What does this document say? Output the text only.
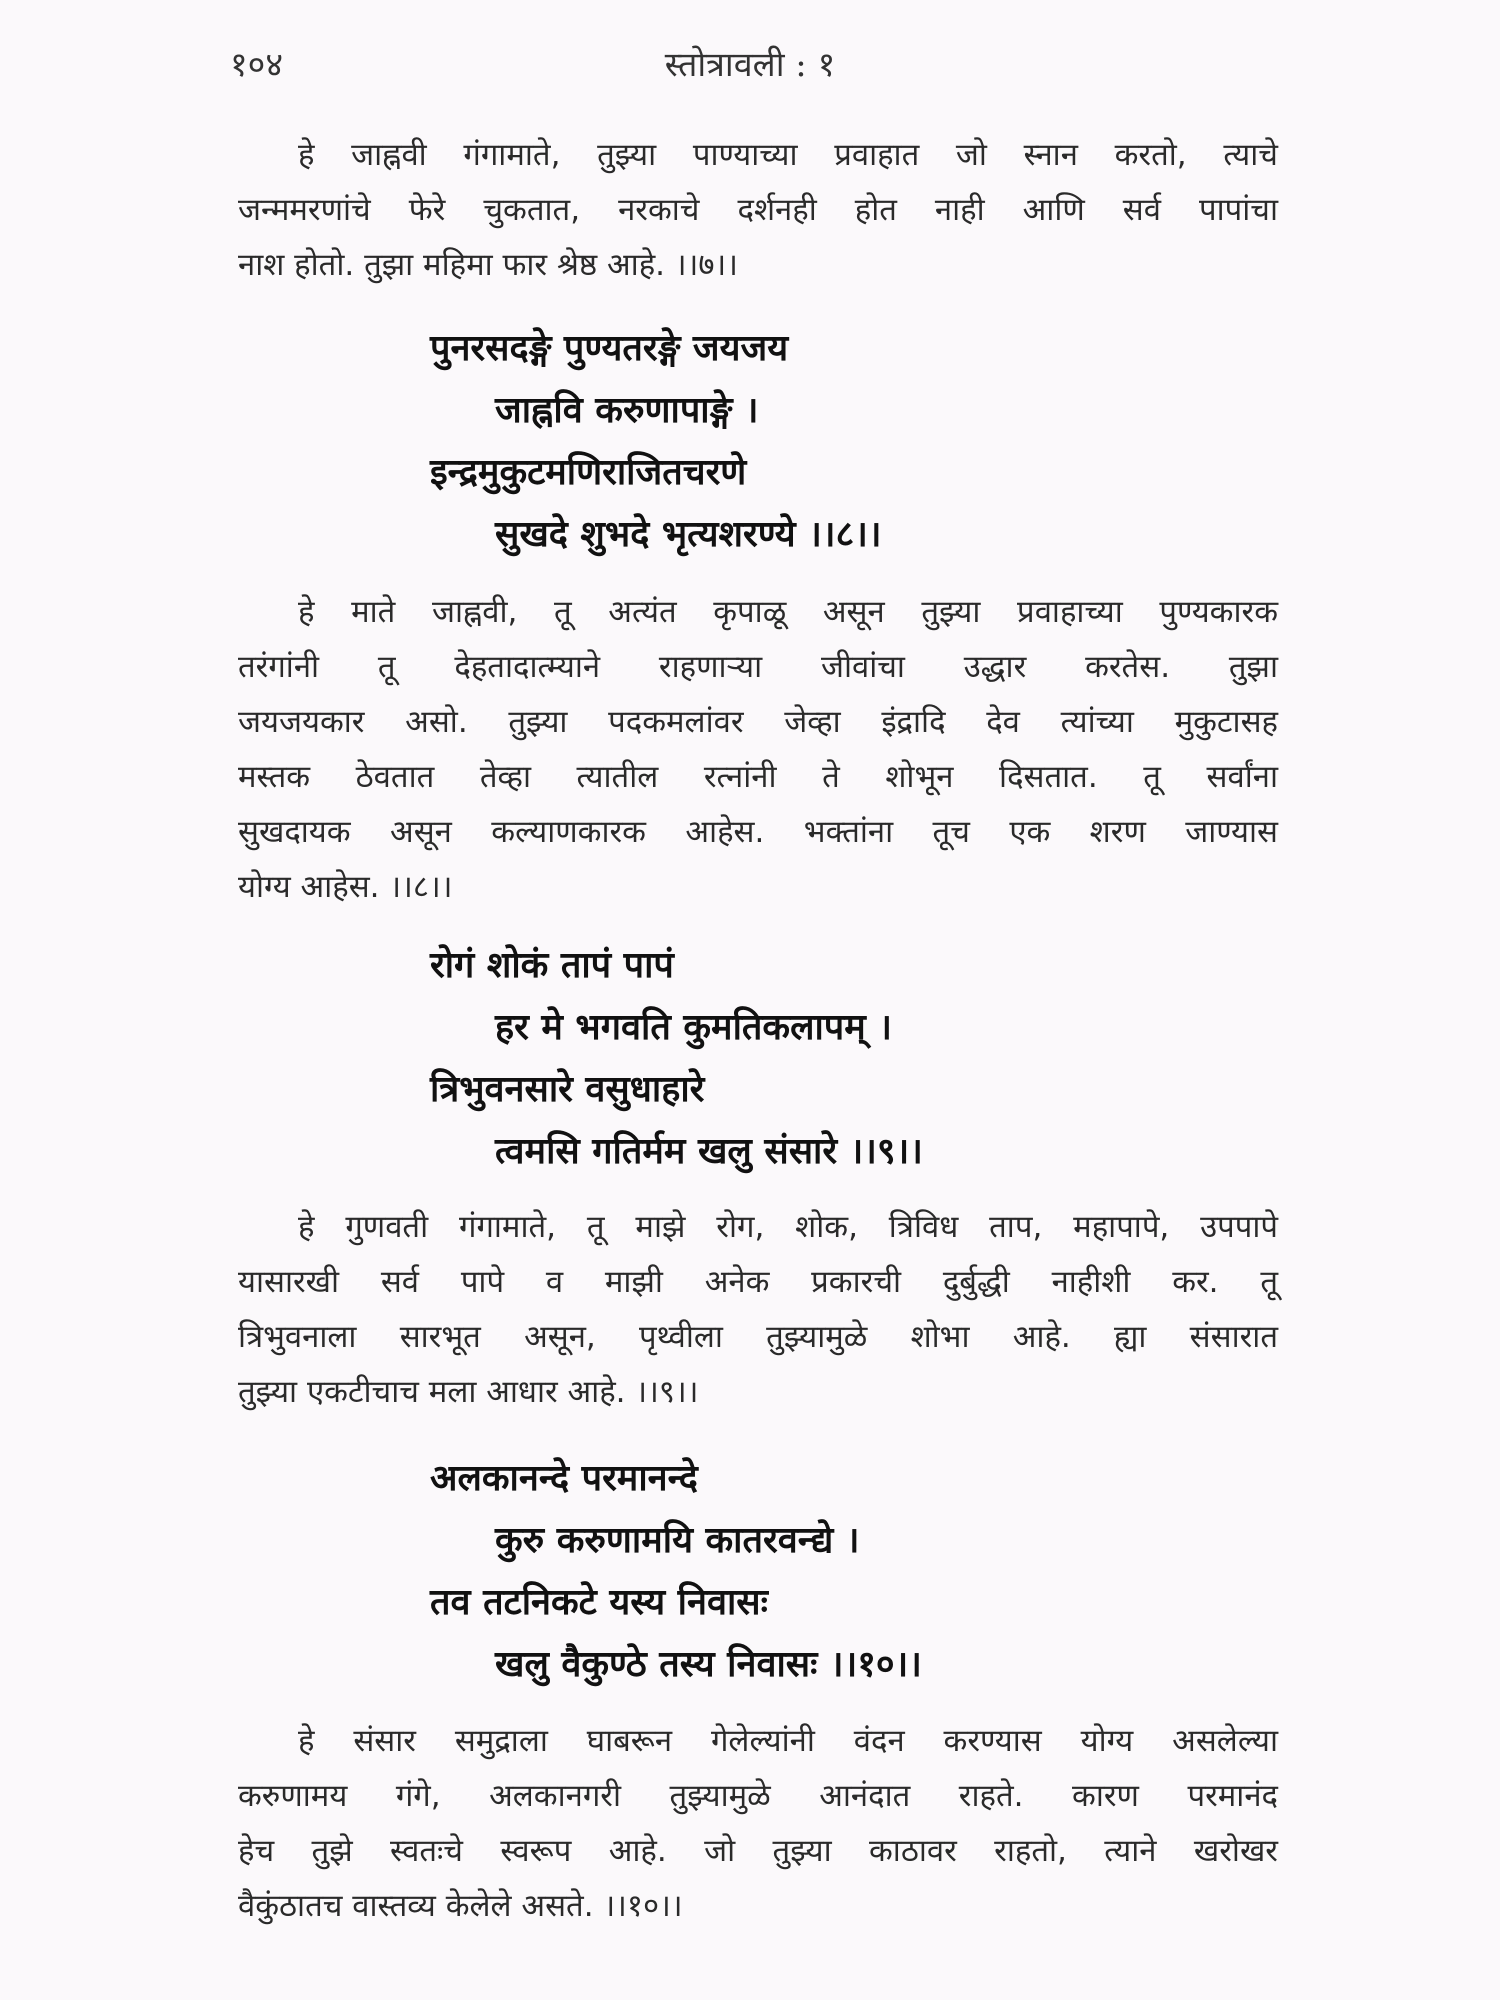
१०४	स्तोत्रावली : १
हे जाह्नवी गंगामाते, तुझ्या पाण्याच्या प्रवाहात जो स्नान करतो, त्याचे
जन्ममरणांचे फेरे चुकतात, नरकाचे दर्शनही होत नाही आणि सर्व पापांचा
नाश होतो. तुझा महिमा फार श्रेष्ठ आहे. ।।७।।
पुनरसदङ्गे पुण्यतरङ्गे जयजय
जाह्नवि करुणापाङ्गे ।
इन्द्रमुकुटमणिराजितचरणे
सुखदे शुभदे भृत्यशरण्ये ।।८।।
हे माते जाह्नवी, तू अत्यंत कृपाळू असून तुझ्या प्रवाहाच्या पुण्यकारक
तरंगांनी तू देहतादात्म्याने राहणाऱ्या जीवांचा उद्धार करतेस. तुझा
जयजयकार असो. तुझ्या पदकमलांवर जेव्हा इंद्रादि देव त्यांच्या मुकुटासह
मस्तक ठेवतात तेव्हा त्यातील रत्नांनी ते शोभून दिसतात. तू सर्वांना
सुखदायक असून कल्याणकारक आहेस. भक्तांना तूच एक शरण जाण्यास
योग्य आहेस. ।।८।।
रोगं शोकं तापं पापं
हर मे भगवति कुमतिकलापम् ।
त्रिभुवनसारे वसुधाहारे
त्वमसि गतिर्मम खलु संसारे ।।९।।
हे गुणवती गंगामाते, तू माझे रोग, शोक, त्रिविध ताप, महापापे, उपपापे
यासारखी सर्व पापे व माझी अनेक प्रकारची दुर्बुद्धी नाहीशी कर. तू
त्रिभुवनाला सारभूत असून, पृथ्वीला तुझ्यामुळे शोभा आहे. ह्या संसारात
तुझ्या एकटीचाच मला आधार आहे. ।।९।।
अलकानन्दे परमानन्दे
कुरु करुणामयि कातरवन्द्ये ।
तव तटनिकटे यस्य निवासः
खलु वैकुण्ठे तस्य निवासः ।।१०।।
हे संसार समुद्राला घाबरून गेलेल्यांनी वंदन करण्यास योग्य असलेल्या
करुणामय गंगे, अलकानगरी तुझ्यामुळे आनंदात राहते. कारण परमानंद
हेच तुझे स्वतःचे स्वरूप आहे. जो तुझ्या काठावर राहतो, त्याने खरोखर
वैकुंठातच वास्तव्य केलेले असते. ।।१०।।
